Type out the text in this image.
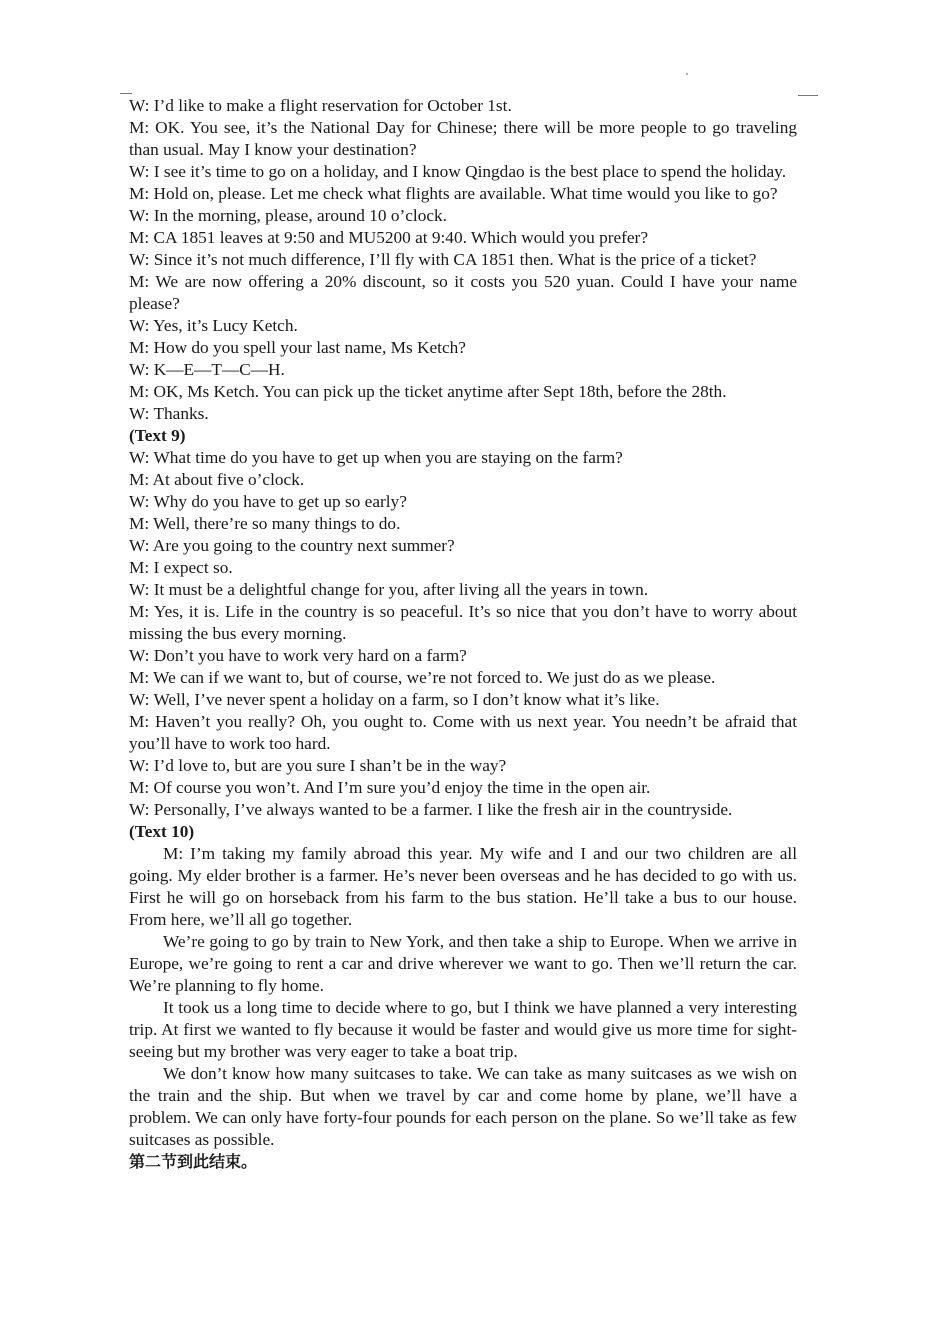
W: I’d like to make a flight reservation for October 1st.

M: OK. You see, it’s the National Day for Chinese; there will be more people to go traveling than usual. May I know your destination?

W: I see it’s time to go on a holiday, and I know Qingdao is the best place to spend the holiday.

M: Hold on, please. Let me check what flights are available. What time would you like to go?

W: In the morning, please, around 10 o’clock.

M: CA 1851 leaves at 9:50 and MU5200 at 9:40. Which would you prefer?

W: Since it’s not much difference, I’ll fly with CA 1851 then. What is the price of a ticket?

M: We are now offering a 20% discount, so it costs you 520 yuan. Could I have your name please?

W: Yes, it’s Lucy Ketch.

M: How do you spell your last name, Ms Ketch?

W: K—E—T—C—H.

M: OK, Ms Ketch. You can pick up the ticket anytime after Sept 18th, before the 28th.

W: Thanks.

(Text 9)

W: What time do you have to get up when you are staying on the farm?

M: At about five o’clock.

W: Why do you have to get up so early?

M: Well, there’re so many things to do.

W: Are you going to the country next summer?

M: I expect so.

W: It must be a delightful change for you, after living all the years in town.

M: Yes, it is. Life in the country is so peaceful. It’s so nice that you don’t have to worry about missing the bus every morning.

W: Don’t you have to work very hard on a farm?

M: We can if we want to, but of course, we’re not forced to. We just do as we please.

W: Well, I’ve never spent a holiday on a farm, so I don’t know what it’s like.

M: Haven’t you really? Oh, you ought to. Come with us next year. You needn’t be afraid that you’ll have to work too hard.

W: I’d love to, but are you sure I shan’t be in the way?

M: Of course you won’t. And I’m sure you’d enjoy the time in the open air.

W: Personally, I’ve always wanted to be a farmer. I like the fresh air in the countryside.

(Text 10)

M: I’m taking my family abroad this year. My wife and I and our two children are all going. My elder brother is a farmer. He’s never been overseas and he has decided to go with us. First he will go on horseback from his farm to the bus station. He’ll take a bus to our house. From here, we’ll all go together.

We’re going to go by train to New York, and then take a ship to Europe. When we arrive in Europe, we’re going to rent a car and drive wherever we want to go. Then we’ll return the car. We’re planning to fly home.

It took us a long time to decide where to go, but I think we have planned a very interesting trip. At first we wanted to fly because it would be faster and would give us more time for sight-seeing but my brother was very eager to take a boat trip.

We don’t know how many suitcases to take. We can take as many suitcases as we wish on the train and the ship. But when we travel by car and come home by plane, we’ll have a problem. We can only have forty-four pounds for each person on the plane. So we’ll take as few suitcases as possible.

第二节到此结束。
